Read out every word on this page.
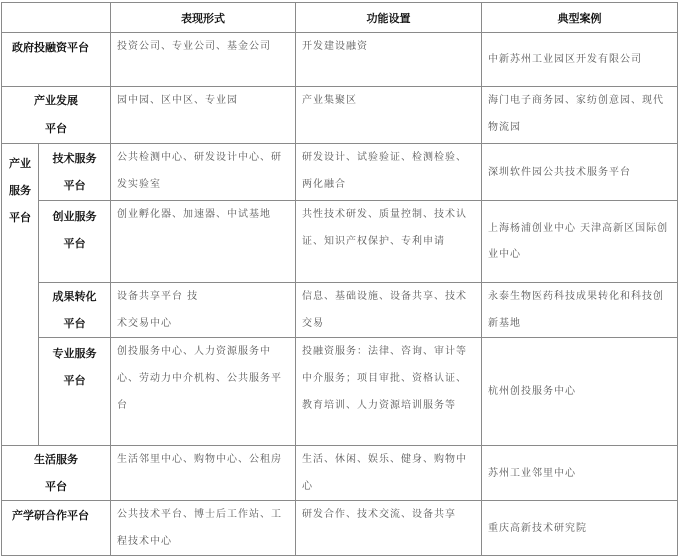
		表现形式	功能设置	典型案例
政府投融资平台		投资公司、专业公司、基金公司	开发建设融资	中新苏州工业园区开发有限公司

产业发展平台		园中园、区中区、专业园	产业集聚区	海门电子商务园、家纺创意园、现代物流园

产业服务平台	技术服务平台	公共检测中心、研发设计中心、研发实验室	研发设计、试验验证、检测检验、两化融合	深圳软件园公共技术服务平台

	创业服务平台	创业孵化器、加速器、中试基地	共性技术研发、质量控制、技术认证、知识产权保护、专利申请	上海杨浦创业中心 天津高新区国际创业中心

	成果转化平台	设备共享平台 技术交易中心	信息、基础设施、设备共享、技术交易	永泰生物医药科技成果转化和科技创新基地

	专业服务平台	创投服务中心、人力资源服务中心、劳动力中介机构、公共服务平台	投融资服务：法律、咨询、审计等中介服务；项目审批、资格认证、教育培训、人力资源培训服务等	杭州创投服务中心

生活服务平台		生活邻里中心、购物中心、公租房	生活、休闲、娱乐、健身、购物中心	苏州工业邻里中心
产学研合作平台		公共技术平台、博士后工作站、工程技术中心	研发合作、技术交流、设备共享	重庆高新技术研究院
